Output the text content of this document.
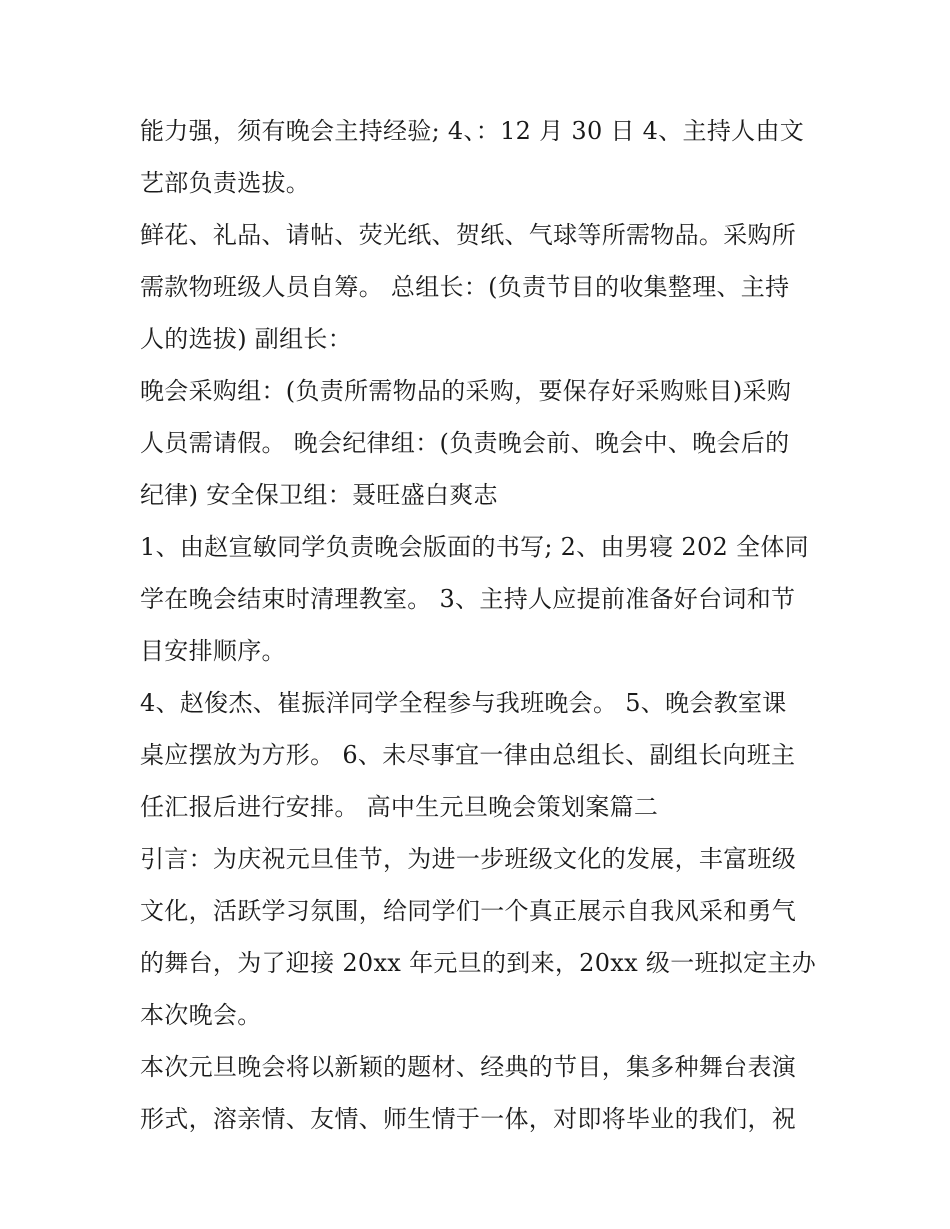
能力强，须有晚会主持经验; 4、：12 月 30 日 4、主持人由文
艺部负责选拔。
鲜花、礼品、请帖、荧光纸、贺纸、气球等所需物品。采购所
需款物班级人员自筹。 总组长：(负责节目的收集整理、主持
人的选拔) 副组长：
晚会采购组：(负责所需物品的采购，要保存好采购账目)采购
人员需请假。 晚会纪律组：(负责晚会前、晚会中、晚会后的
纪律) 安全保卫组：聂旺盛白爽志
1、由赵宣敏同学负责晚会版面的书写; 2、由男寝 202 全体同
学在晚会结束时清理教室。 3、主持人应提前准备好台词和节
目安排顺序。
4、赵俊杰、崔振洋同学全程参与我班晚会。 5、晚会教室课
桌应摆放为方形。 6、未尽事宜一律由总组长、副组长向班主
任汇报后进行安排。 高中生元旦晚会策划案篇二
引言：为庆祝元旦佳节，为进一步班级文化的发展，丰富班级
文化，活跃学习氛围，给同学们一个真正展示自我风采和勇气
的舞台，为了迎接 20xx 年元旦的到来，20xx 级一班拟定主办
本次晚会。
本次元旦晚会将以新颖的题材、经典的节目，集多种舞台表演
形式，溶亲情、友情、师生情于一体，对即将毕业的我们，祝
